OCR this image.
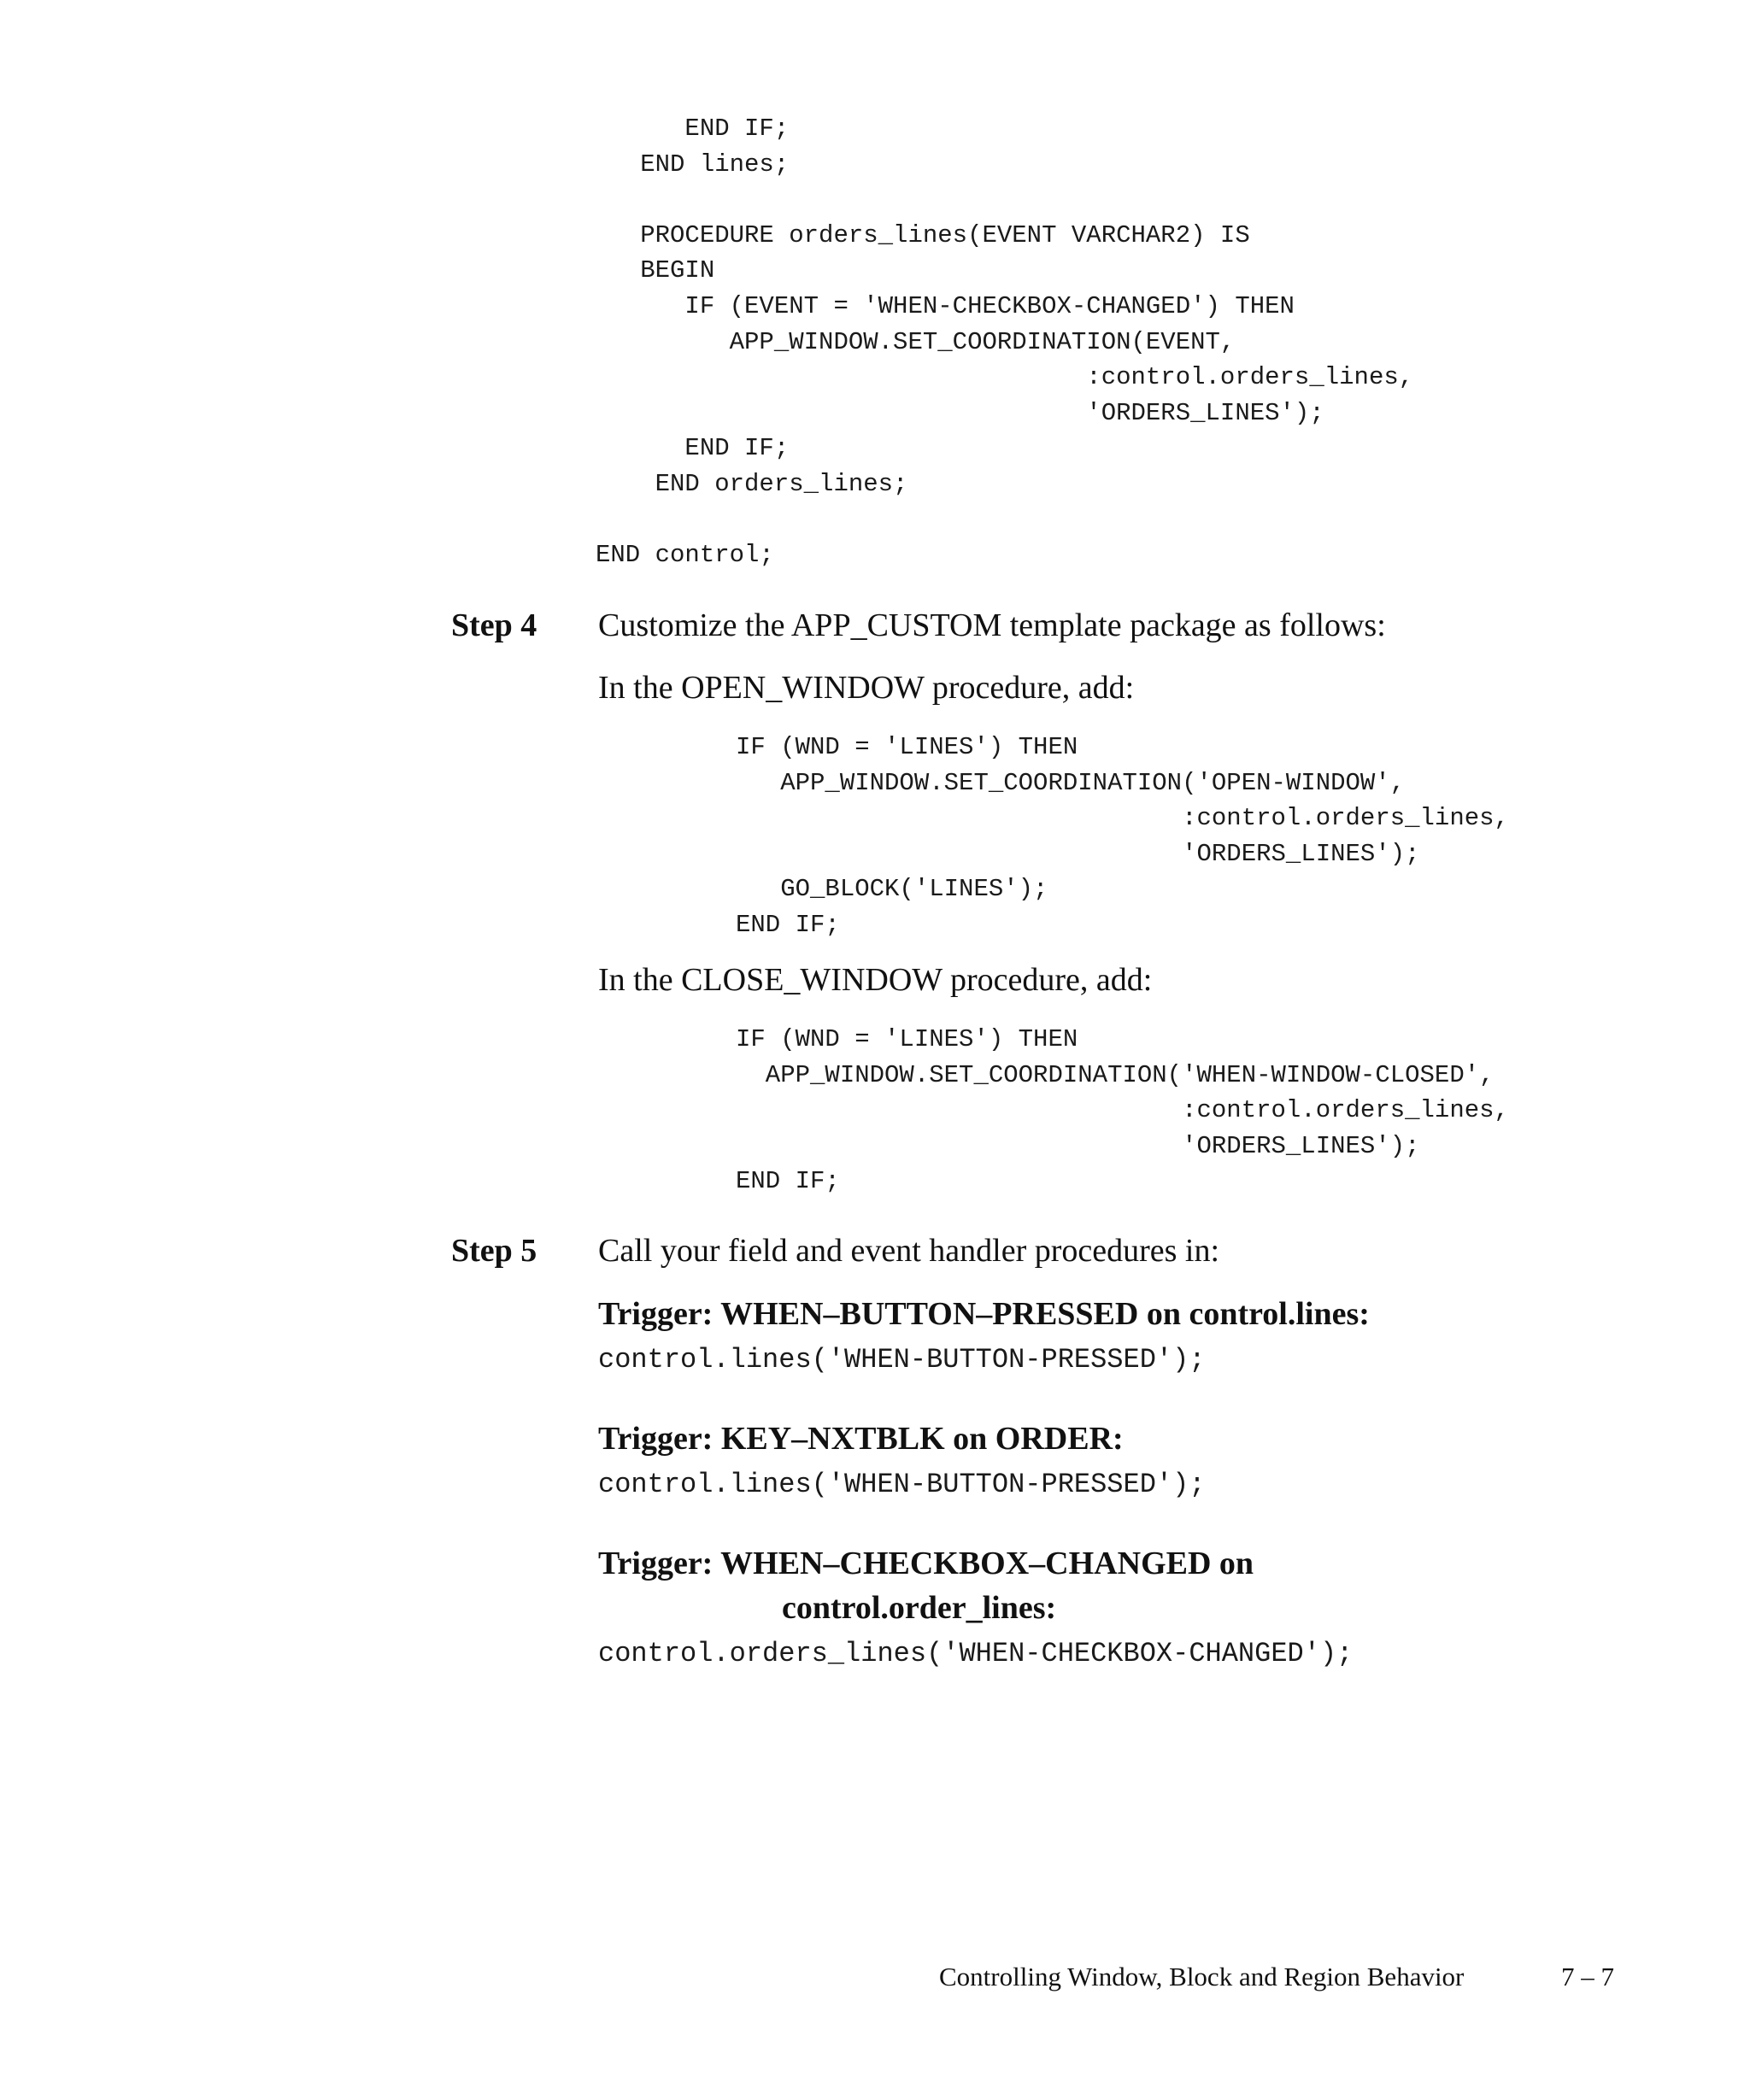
END IF;
END lines;
PROCEDURE orders_lines(EVENT VARCHAR2) IS
BEGIN
IF (EVENT = 'WHEN-CHECKBOX-CHANGED') THEN
APP_WINDOW.SET_COORDINATION(EVENT,
:control.orders_lines,
'ORDERS_LINES');
END IF;
END orders_lines;
END control;
Step 4 Customize the APP_CUSTOM template package as follows:
In the OPEN_WINDOW procedure, add:
IF (WND = 'LINES') THEN
APP_WINDOW.SET_COORDINATION('OPEN-WINDOW',
:control.orders_lines,
'ORDERS_LINES');
GO_BLOCK('LINES');
END IF;
In the CLOSE_WINDOW procedure, add:
IF (WND = 'LINES') THEN
APP_WINDOW.SET_COORDINATION('WHEN-WINDOW-CLOSED',
:control.orders_lines,
'ORDERS_LINES');
END IF;
Step 5 Call your field and event handler procedures in:
Trigger: WHEN–BUTTON–PRESSED on control.lines:
control.lines('WHEN-BUTTON-PRESSED');
Trigger: KEY–NXTBLK on ORDER:
control.lines('WHEN-BUTTON-PRESSED');
Trigger: WHEN–CHECKBOX–CHANGED on
control.order_lines:
control.orders_lines('WHEN-CHECKBOX-CHANGED');
Controlling Window, Block and Region Behavior	7 – 7
